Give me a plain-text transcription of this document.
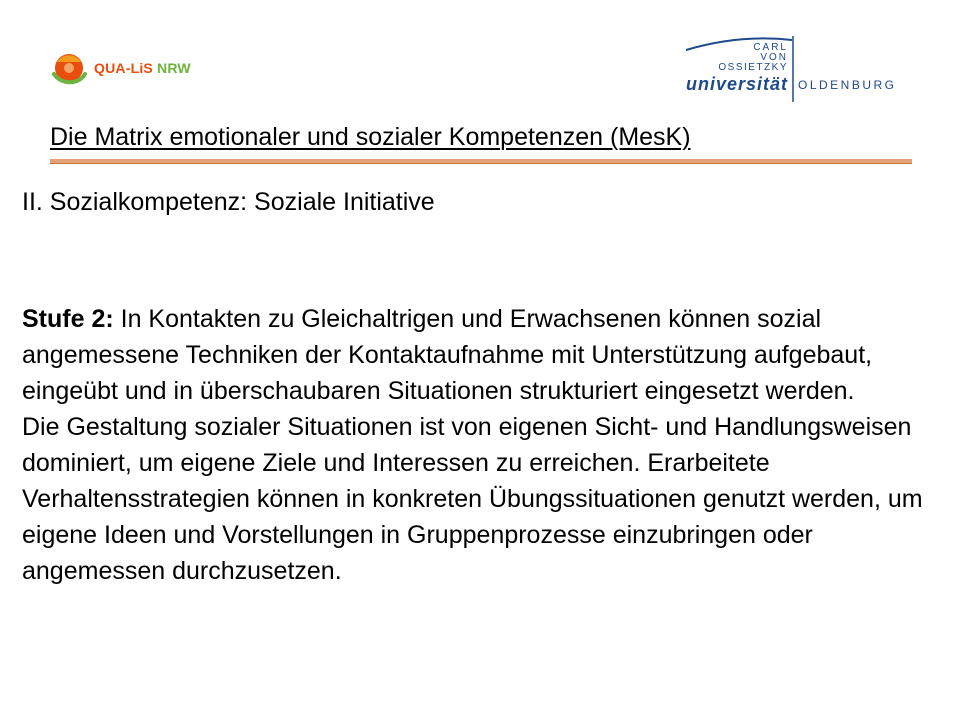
QUA-LiS NRW
CARL
VON
OSSIETZKY
universität OLDENBURG
Die Matrix emotionaler und sozialer Kompetenzen (MesK)
II. Sozialkompetenz: Soziale Initiative

Stufe 2: In Kontakten zu Gleichaltrigen und Erwachsenen können sozial angemessene Techniken der Kontaktaufnahme mit Unterstützung aufgebaut, eingeübt und in überschaubaren Situationen strukturiert eingesetzt werden.

Die Gestaltung sozialer Situationen ist von eigenen Sicht- und Handlungsweisen dominiert, um eigene Ziele und Interessen zu erreichen. Erarbeitete Verhaltensstrategien können in konkreten Übungssituationen genutzt werden, um eigene Ideen und Vorstellungen in Gruppenprozesse einzubringen oder angemessen durchzusetzen.
